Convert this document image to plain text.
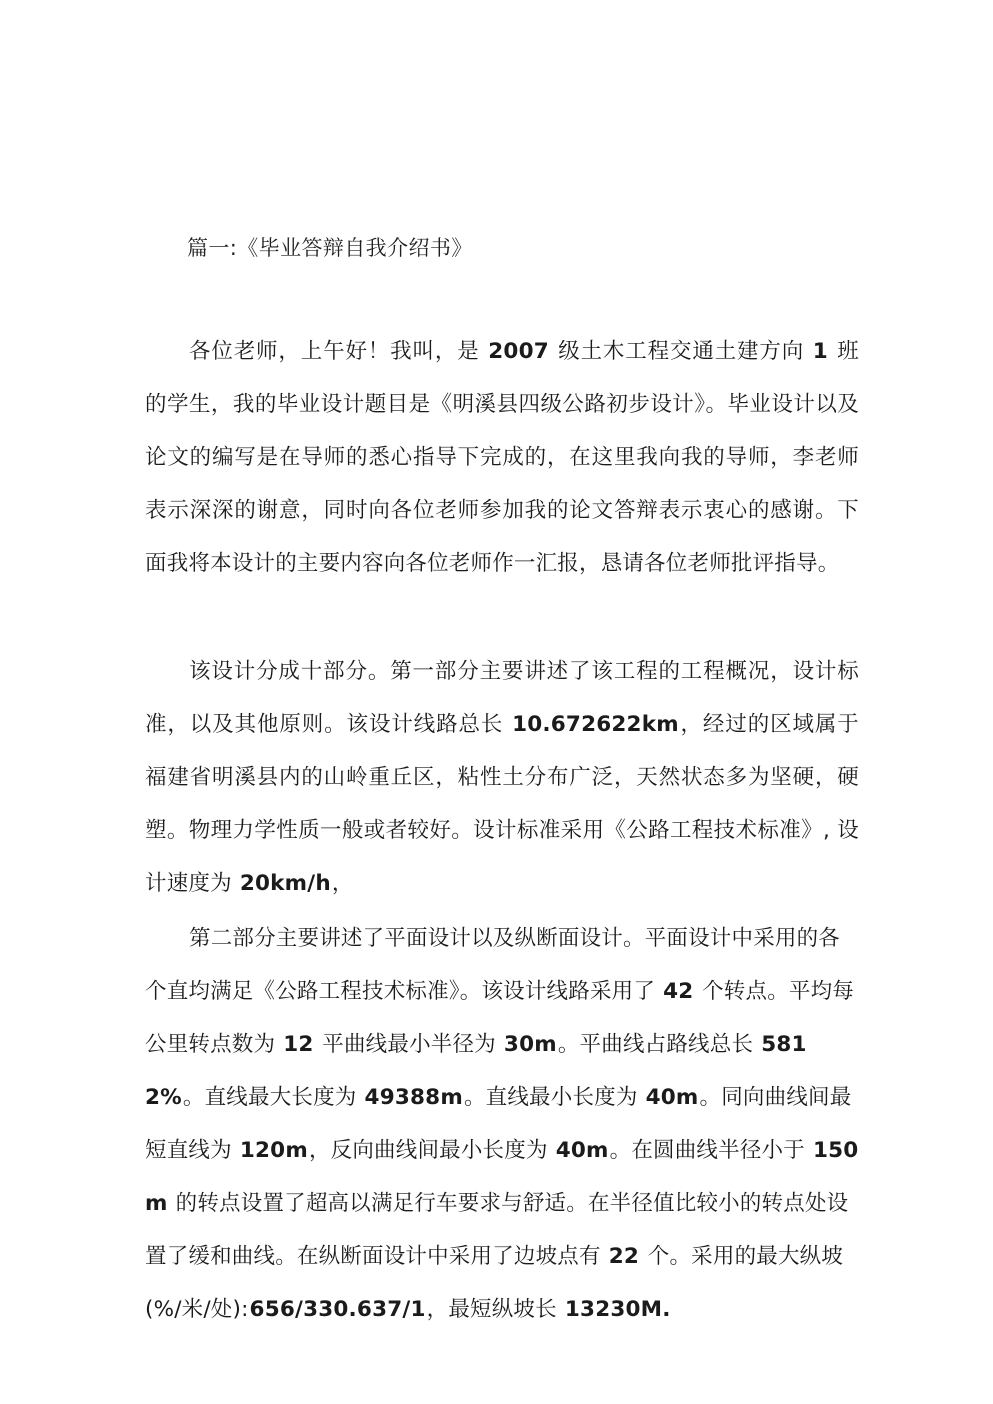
篇一:《毕业答辩自我介绍书》

各位老师，上午好！我叫，是 2007 级土木工程交通土建方向 1 班的学生，我的毕业设计题目是《明溪县四级公路初步设计》。毕业设计以及论文的编写是在导师的悉心指导下完成的，在这里我向我的导师，李老师表示深深的谢意，同时向各位老师参加我的论文答辩表示衷心的感谢。下面我将本设计的主要内容向各位老师作一汇报，恳请各位老师批评指导。

该设计分成十部分。第一部分主要讲述了该工程的工程概况，设计标准，以及其他原则。该设计线路总长 10.672622km，经过的区域属于福建省明溪县内的山岭重丘区，粘性土分布广泛，天然状态多为坚硬，硬塑。物理力学性质一般或者较好。设计标准采用《公路工程技术标准》, 设计速度为 20km/h，

第二部分主要讲述了平面设计以及纵断面设计。平面设计中采用的各个直均满足《公路工程技术标准》。该设计线路采用了 42 个转点。平均每公里转点数为 12 平曲线最小半径为 30m。平曲线占路线总长 5812%。直线最大长度为 49388m。直线最小长度为 40m。同向曲线间最短直线为 120m，反向曲线间最小长度为 40m。在圆曲线半径小于 150m 的转点设置了超高以满足行车要求与舒适。在半径值比较小的转点处设置了缓和曲线。在纵断面设计中采用了边坡点有 22 个。采用的最大纵坡(%/米/处):656/330.637/1，最短纵坡长 13230M.
